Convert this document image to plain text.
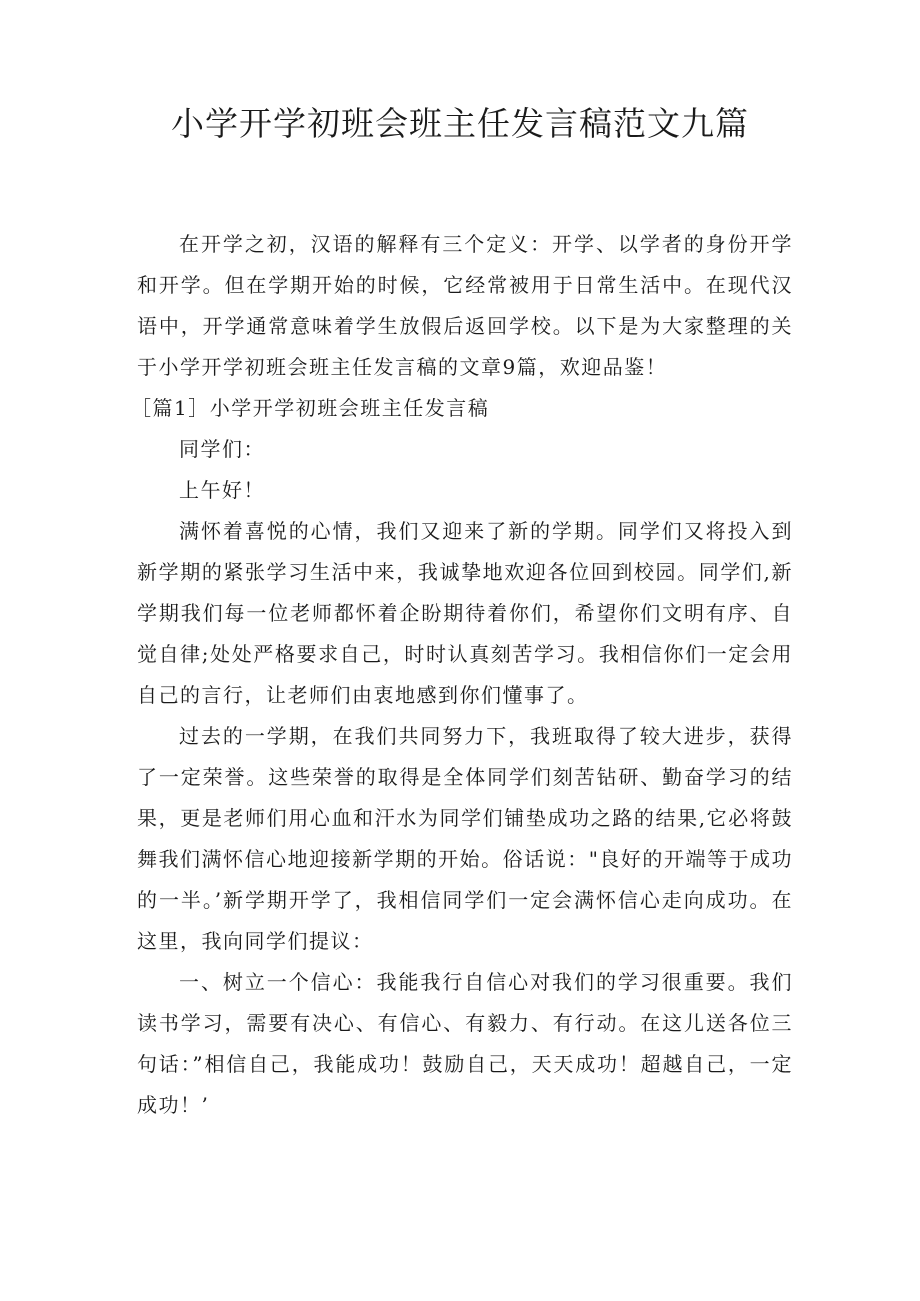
小学开学初班会班主任发言稿范文九篇

在开学之初，汉语的解释有三个定义：开学、以学者的身份开学和开学。但在学期开始的时候，它经常被用于日常生活中。在现代汉语中，开学通常意味着学生放假后返回学校。以下是为大家整理的关于小学开学初班会班主任发言稿的文章9篇，欢迎品鉴！

［篇1］小学开学初班会班主任发言稿

同学们：

上午好！

满怀着喜悦的心情，我们又迎来了新的学期。同学们又将投入到新学期的紧张学习生活中来，我诚挚地欢迎各位回到校园。同学们,新学期我们每一位老师都怀着企盼期待着你们，希望你们文明有序、自觉自律;处处严格要求自己，时时认真刻苦学习。我相信你们一定会用自己的言行，让老师们由衷地感到你们懂事了。

过去的一学期，在我们共同努力下，我班取得了较大进步，获得了一定荣誉。这些荣誉的取得是全体同学们刻苦钻研、勤奋学习的结果，更是老师们用心血和汗水为同学们铺垫成功之路的结果,它必将鼓舞我们满怀信心地迎接新学期的开始。俗话说："良好的开端等于成功的一半。’新学期开学了，我相信同学们一定会满怀信心走向成功。在这里，我向同学们提议：

一、树立一个信心：我能我行自信心对我们的学习很重要。我们读书学习，需要有决心、有信心、有毅力、有行动。在这儿送各位三句话：”相信自己，我能成功！鼓励自己，天天成功！超越自己，一定成功！’
